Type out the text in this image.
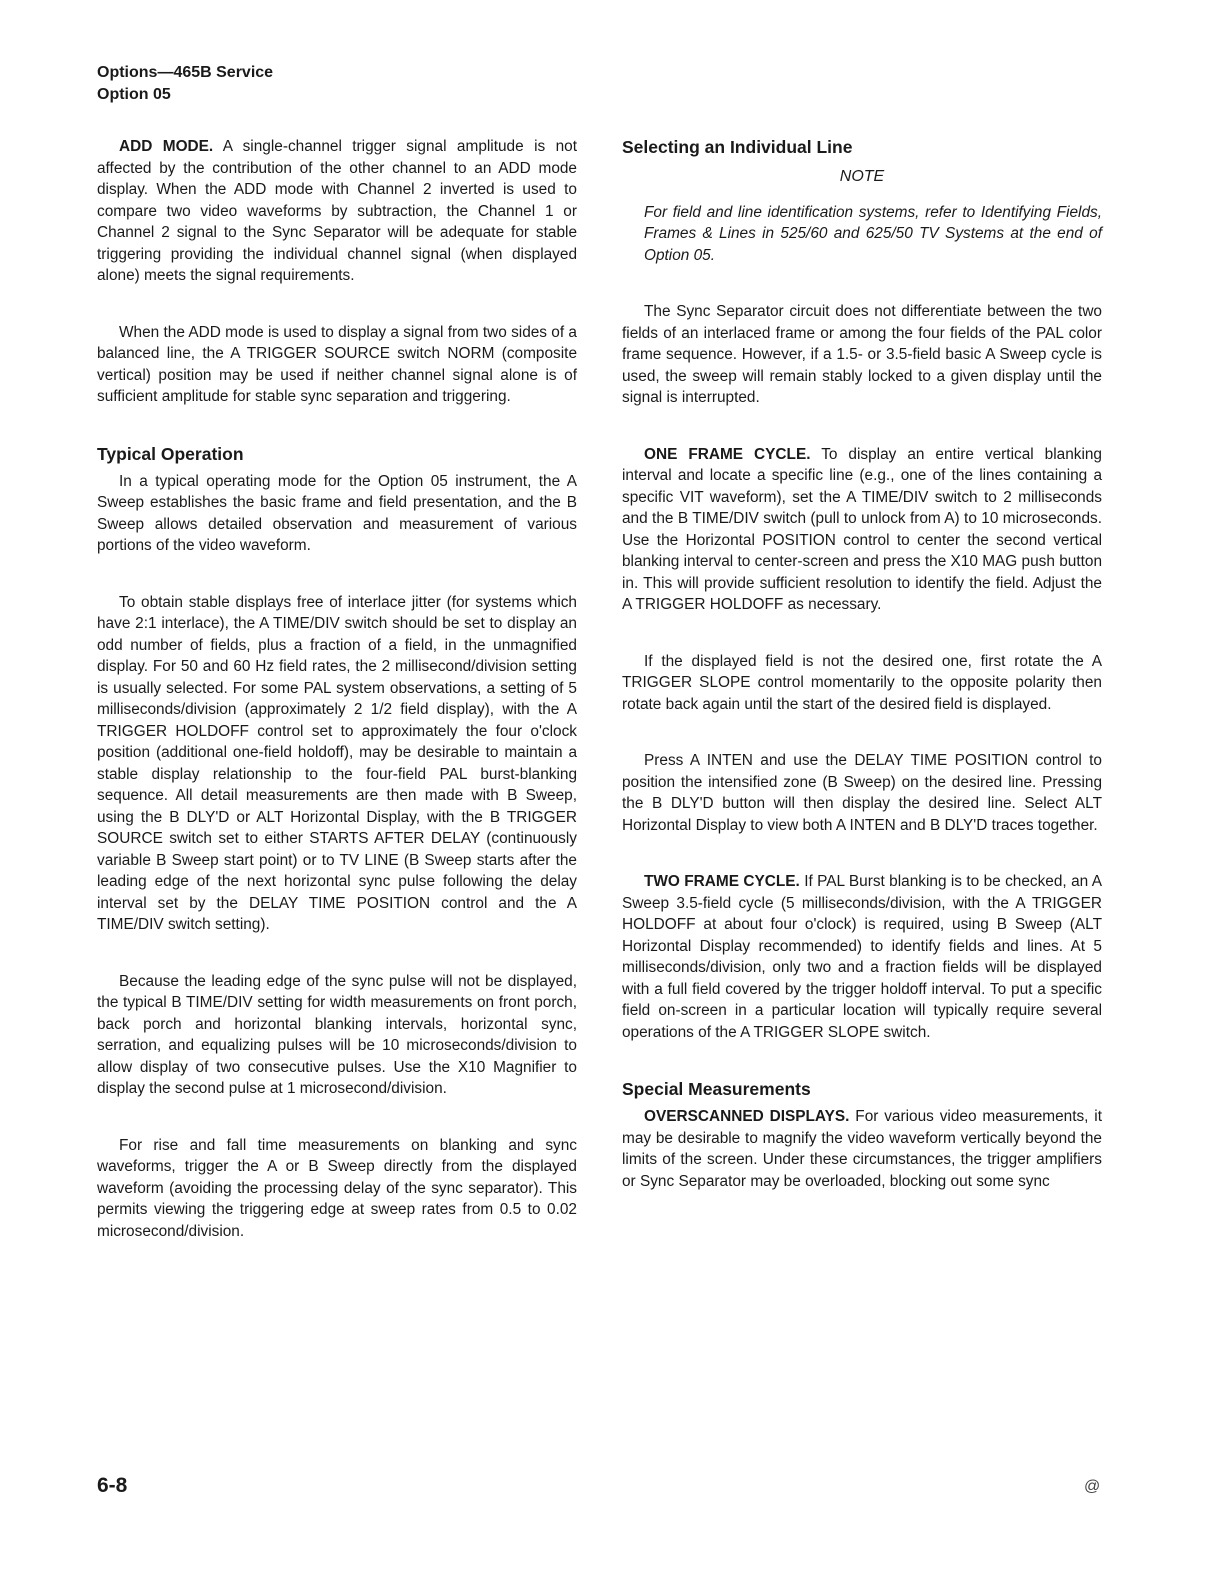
Options—465B Service
Option 05

ADD MODE. A single-channel trigger signal amplitude is not affected by the contribution of the other channel to an ADD mode display. When the ADD mode with Channel 2 inverted is used to compare two video waveforms by subtraction, the Channel 1 or Channel 2 signal to the Sync Separator will be adequate for stable triggering providing the individual channel signal (when displayed alone) meets the signal requirements.

When the ADD mode is used to display a signal from two sides of a balanced line, the A TRIGGER SOURCE switch NORM (composite vertical) position may be used if neither channel signal alone is of sufficient amplitude for stable sync separation and triggering.

Typical Operation

In a typical operating mode for the Option 05 instrument, the A Sweep establishes the basic frame and field presentation, and the B Sweep allows detailed observation and measurement of various portions of the video waveform.

To obtain stable displays free of interlace jitter (for systems which have 2:1 interlace), the A TIME/DIV switch should be set to display an odd number of fields, plus a fraction of a field, in the unmagnified display. For 50 and 60 Hz field rates, the 2 millisecond/division setting is usually selected. For some PAL system observations, a setting of 5 milliseconds/division (approximately 2 1/2 field display), with the A TRIGGER HOLDOFF control set to approximately the four o'clock position (additional one-field holdoff), may be desirable to maintain a stable display relationship to the four-field PAL burst-blanking sequence. All detail measurements are then made with B Sweep, using the B DLY'D or ALT Horizontal Display, with the B TRIGGER SOURCE switch set to either STARTS AFTER DELAY (continuously variable B Sweep start point) or to TV LINE (B Sweep starts after the leading edge of the next horizontal sync pulse following the delay interval set by the DELAY TIME POSITION control and the A TIME/DIV switch setting).

Because the leading edge of the sync pulse will not be displayed, the typical B TIME/DIV setting for width measurements on front porch, back porch and horizontal blanking intervals, horizontal sync, serration, and equalizing pulses will be 10 microseconds/division to allow display of two consecutive pulses. Use the X10 Magnifier to display the second pulse at 1 microsecond/division.

For rise and fall time measurements on blanking and sync waveforms, trigger the A or B Sweep directly from the displayed waveform (avoiding the processing delay of the sync separator). This permits viewing the triggering edge at sweep rates from 0.5 to 0.02 microsecond/division.

Selecting an Individual Line
NOTE

For field and line identification systems, refer to Identifying Fields, Frames & Lines in 525/60 and 625/50 TV Systems at the end of Option 05.

The Sync Separator circuit does not differentiate between the two fields of an interlaced frame or among the four fields of the PAL color frame sequence. However, if a 1.5- or 3.5-field basic A Sweep cycle is used, the sweep will remain stably locked to a given display until the signal is interrupted.

ONE FRAME CYCLE. To display an entire vertical blanking interval and locate a specific line (e.g., one of the lines containing a specific VIT waveform), set the A TIME/DIV switch to 2 milliseconds and the B TIME/DIV switch (pull to unlock from A) to 10 microseconds. Use the Horizontal POSITION control to center the second vertical blanking interval to center-screen and press the X10 MAG push button in. This will provide sufficient resolution to identify the field. Adjust the A TRIGGER HOLDOFF as necessary.

If the displayed field is not the desired one, first rotate the A TRIGGER SLOPE control momentarily to the opposite polarity then rotate back again until the start of the desired field is displayed.

Press A INTEN and use the DELAY TIME POSITION control to position the intensified zone (B Sweep) on the desired line. Pressing the B DLY'D button will then display the desired line. Select ALT Horizontal Display to view both A INTEN and B DLY'D traces together.

TWO FRAME CYCLE. If PAL Burst blanking is to be checked, an A Sweep 3.5-field cycle (5 milliseconds/division, with the A TRIGGER HOLDOFF at about four o'clock) is required, using B Sweep (ALT Horizontal Display recommended) to identify fields and lines. At 5 milliseconds/division, only two and a fraction fields will be displayed with a full field covered by the trigger holdoff interval. To put a specific field on-screen in a particular location will typically require several operations of the A TRIGGER SLOPE switch.

Special Measurements

OVERSCANNED DISPLAYS. For various video measurements, it may be desirable to magnify the video waveform vertically beyond the limits of the screen. Under these circumstances, the trigger amplifiers or Sync Separator may be overloaded, blocking out some sync

6-8	@
